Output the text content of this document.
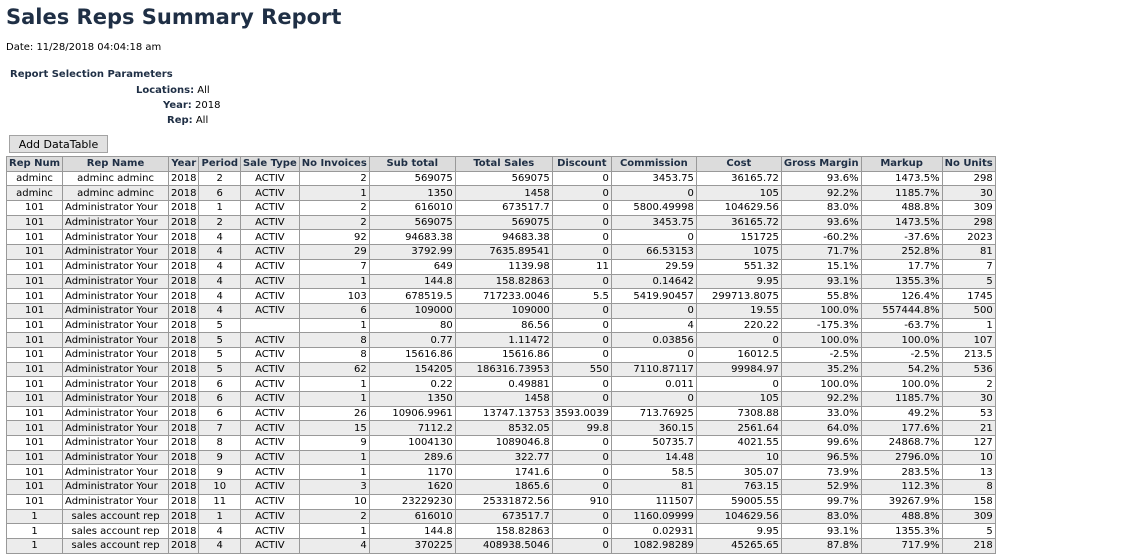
Sales Reps Summary Report
Date: 11/28/2018 04:04:18 am
Report Selection Parameters
Locations: All
Year: 2018
Rep: All
Add DataTable
Rep Num	Rep Name	Year	Period	Sale Type	No Invoices	Sub total	Total Sales	Discount	Commission	Cost	Gross Margin	Markup	No Units
adminc	adminc adminc	2018	2	ACTIV	2	569075	569075	0	3453.75	36165.72	93.6%	1473.5%	298
adminc	adminc adminc	2018	6	ACTIV	1	1350	1458	0	0	105	92.2%	1185.7%	30
101	Administrator Your	2018	1	ACTIV	2	616010	673517.7	0	5800.49998	104629.56	83.0%	488.8%	309
101	Administrator Your	2018	2	ACTIV	2	569075	569075	0	3453.75	36165.72	93.6%	1473.5%	298
101	Administrator Your	2018	4	ACTIV	92	94683.38	94683.38	0	0	151725	-60.2%	-37.6%	2023
101	Administrator Your	2018	4	ACTIV	29	3792.99	7635.89541	0	66.53153	1075	71.7%	252.8%	81
101	Administrator Your	2018	4	ACTIV	7	649	1139.98	11	29.59	551.32	15.1%	17.7%	7
101	Administrator Your	2018	4	ACTIV	1	144.8	158.82863	0	0.14642	9.95	93.1%	1355.3%	5
101	Administrator Your	2018	4	ACTIV	103	678519.5	717233.0046	5.5	5419.90457	299713.8075	55.8%	126.4%	1745
101	Administrator Your	2018	4	ACTIV	6	109000	109000	0	0	19.55	100.0%	557444.8%	500
101	Administrator Your	2018	5		1	80	86.56	0	4	220.22	-175.3%	-63.7%	1
101	Administrator Your	2018	5	ACTIV	8	0.77	1.11472	0	0.03856	0	100.0%	100.0%	107
101	Administrator Your	2018	5	ACTIV	8	15616.86	15616.86	0	0	16012.5	-2.5%	-2.5%	213.5
101	Administrator Your	2018	5	ACTIV	62	154205	186316.73953	550	7110.87117	99984.97	35.2%	54.2%	536
101	Administrator Your	2018	6	ACTIV	1	0.22	0.49881	0	0.011	0	100.0%	100.0%	2
101	Administrator Your	2018	6	ACTIV	1	1350	1458	0	0	105	92.2%	1185.7%	30
101	Administrator Your	2018	6	ACTIV	26	10906.9961	13747.13753	3593.0039	713.76925	7308.88	33.0%	49.2%	53
101	Administrator Your	2018	7	ACTIV	15	7112.2	8532.05	99.8	360.15	2561.64	64.0%	177.6%	21
101	Administrator Your	2018	8	ACTIV	9	1004130	1089046.8	0	50735.7	4021.55	99.6%	24868.7%	127
101	Administrator Your	2018	9	ACTIV	1	289.6	322.77	0	14.48	10	96.5%	2796.0%	10
101	Administrator Your	2018	9	ACTIV	1	1170	1741.6	0	58.5	305.07	73.9%	283.5%	13
101	Administrator Your	2018	10	ACTIV	3	1620	1865.6	0	81	763.15	52.9%	112.3%	8
101	Administrator Your	2018	11	ACTIV	10	23229230	25331872.56	910	111507	59005.55	99.7%	39267.9%	158
1	sales account rep	2018	1	ACTIV	2	616010	673517.7	0	1160.09999	104629.56	83.0%	488.8%	309
1	sales account rep	2018	4	ACTIV	1	144.8	158.82863	0	0.02931	9.95	93.1%	1355.3%	5
1	sales account rep	2018	4	ACTIV	4	370225	408938.5046	0	1082.98289	45265.65	87.8%	717.9%	218
